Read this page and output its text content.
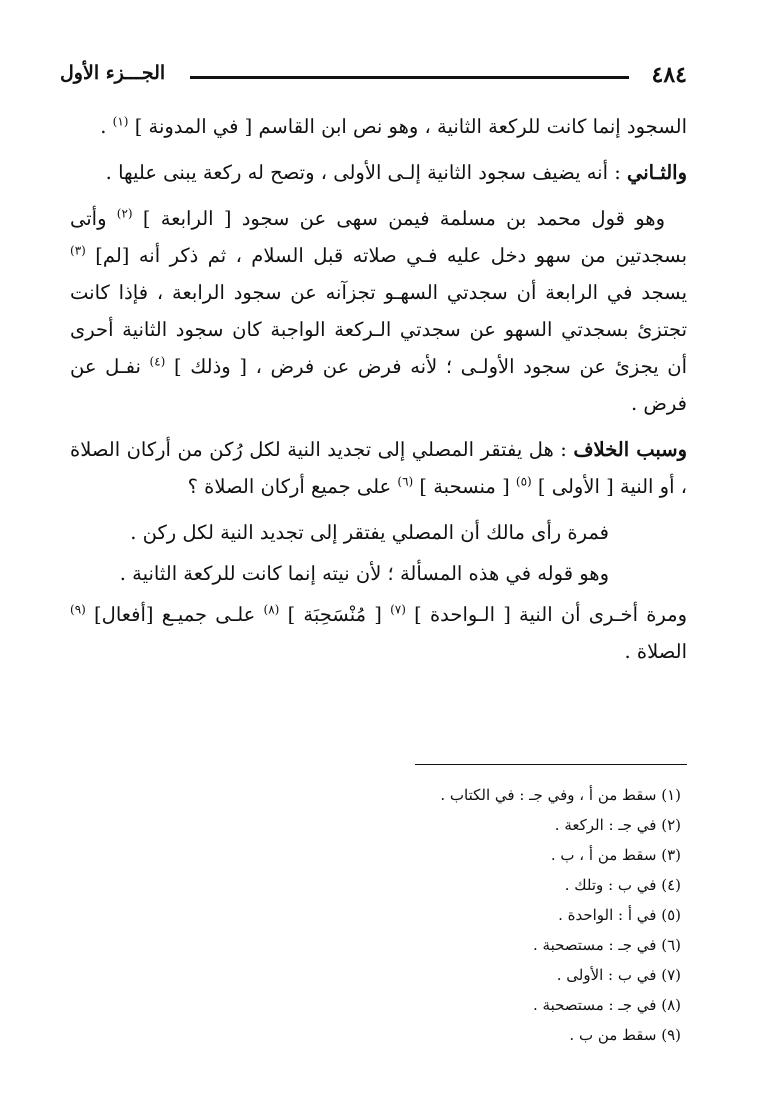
٤٨٤
الجـــزء الأول

السجود إنما كانت للركعة الثانية ، وهو نص ابن القاسم [ في المدونة ] $^{(١)}$ .

والثـاني : أنه يضيف سجود الثانية إلـى الأولى ، وتصح له ركعة يبنى عليها .

وهو قول محمد بن مسلمة فيمن سهى عن سجود [ الرابعة ] $^{(٢)}$ وأتى بسجدتين من سهو دخل عليه فـي صلاته قبل السلام ، ثم ذكر أنه [لم] $^{(٣)}$ يسجد في الرابعة أن سجدتي السهـو تجزآنه عن سجود الرابعة ، فإذا كانت تجتزئ بسجدتي السهو عن سجدتي الـركعة الواجبة كان سجود الثانية أحرى أن يجزئ عن سجود الأولـى ؛ لأنه فرض عن فرض ، [ وذلك ] $^{(٤)}$ نفـل عن فرض .

وسبب الخلاف : هل يفتقر المصلي إلى تجديد النية لكل رُكن من أركان الصلاة ، أو النية [ الأولى ] $^{(٥)}$ [ منسحبة ] $^{(٦)}$ على جميع أركان الصلاة ؟

فمرة رأى مالك أن المصلي يفتقر إلى تجديد النية لكل ركن .

وهو قوله في هذه المسألة ؛ لأن نيته إنما كانت للركعة الثانية .

ومرة أخـرى أن النية [ الـواحدة ] $^{(٧)}$ [ مُنْسَحِبَة ] $^{(٨)}$ علـى جميـع [أفعال] $^{(٩)}$ الصلاة .

(١) سقط من أ ، وفي جـ : في الكتاب .
(٢) في جـ : الركعة .
(٣) سقط من أ ، ب .
(٤) في ب : وتلك .
(٥) في أ : الواحدة .
(٦) في جـ : مستصحبة .
(٧) في ب : الأولى .
(٨) في جـ : مستصحبة .
(٩) سقط من ب .
